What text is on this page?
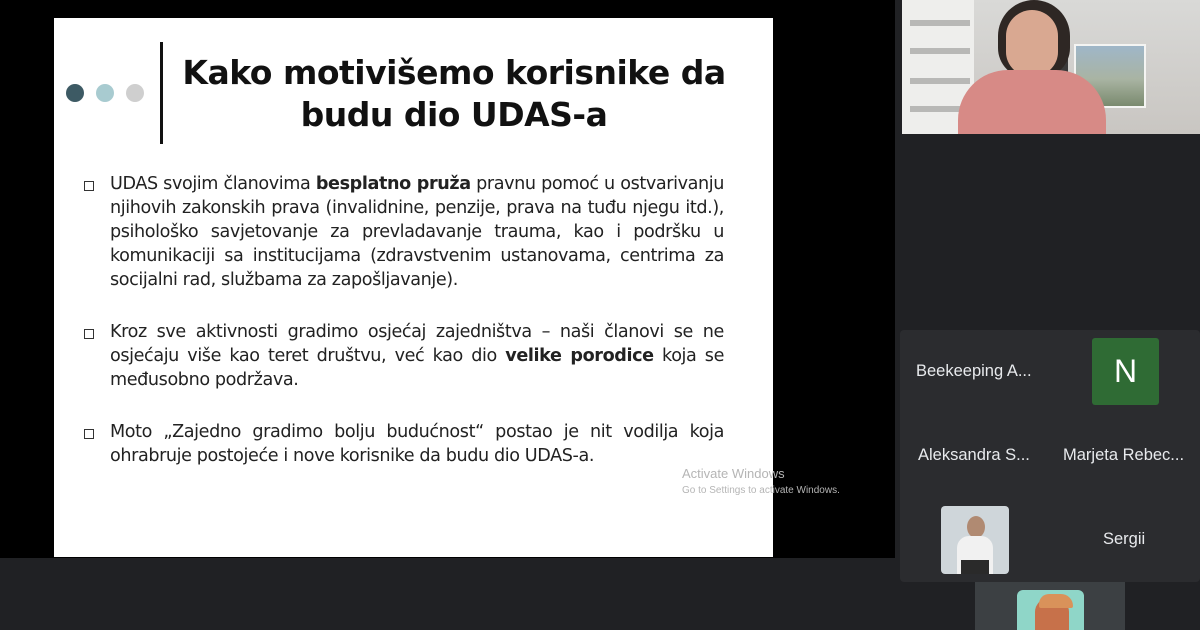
Kako motivišemo korisnike da
budu dio UDAS-a
UDAS svojim članovima besplatno pruža pravnu pomoć u ostvarivanju njihovih zakonskih prava (invalidnine, penzije, prava na tuđu njegu itd.), psihološko savjetovanje za prevladavanje trauma, kao i podršku u komunikaciji sa institucijama (zdravstvenim ustanovama, centrima za socijalni rad, službama za zapošljavanje).
Kroz sve aktivnosti gradimo osjećaj zajedništva – naši članovi se ne osjećaju više kao teret društvu, već kao dio velike porodice koja se međusobno podržava.
Moto „Zajedno gradimo bolju budućnost“ postao je nit vodilja koja ohrabruje postojeće i nove korisnike da budu dio UDAS-a.
Activate Windows
Go to Settings to activate Windows.
Beekeeping A...	N
Aleksandra S... Marjeta Rebec...
Sergii
